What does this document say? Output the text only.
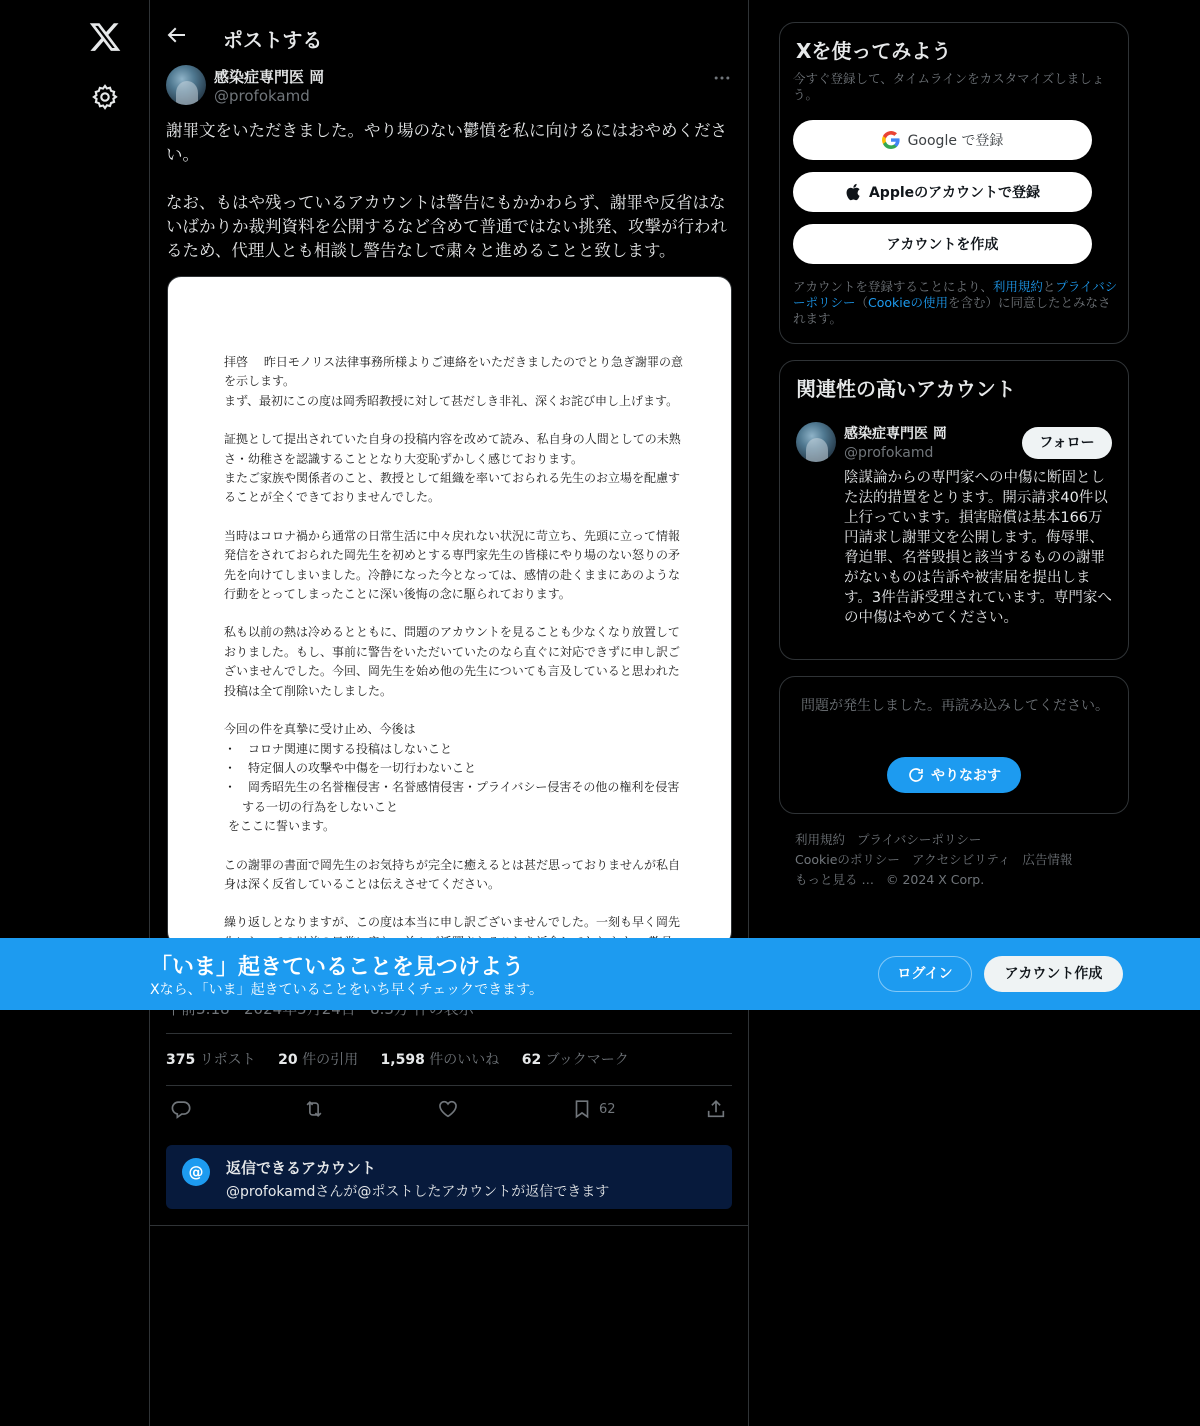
ポストする
感染症専門医 岡
@profokamd

謝罪文をいただきました。やり場のない鬱憤を私に向けるにはおやめください。

なお、もはや残っているアカウントは警告にもかかわらず、謝罪や反省はないばかりか裁判資料を公開するなど含めて普通ではない挑発、攻撃が行われるため、代理人とも相談し警告なしで粛々と進めることと致します。

拝啓　 昨日モノリス法律事務所様よりご連絡をいただきましたのでとり急ぎ謝罪の意を示します。
まず、最初にこの度は岡秀昭教授に対して甚だしき非礼、深くお詫び申し上げます。
証拠として提出されていた自身の投稿内容を改めて読み、私自身の人間としての未熟さ・幼稚さを認識することとなり大変恥ずかしく感じております。
またご家族や関係者のこと、教授として組織を率いておられる先生のお立場を配慮することが全くできておりませんでした。
当時はコロナ禍から通常の日常生活に中々戻れない状況に苛立ち、先頭に立って情報発信をされておられた岡先生を初めとする専門家先生の皆様にやり場のない怒りの矛先を向けてしまいました。冷静になった今となっては、感情の赴くままにあのような行動をとってしまったことに深い後悔の念に駆られております。
私も以前の熱は冷めるとともに、問題のアカウントを見ることも少なくなり放置しておりました。もし、事前に警告をいただいていたのなら直ぐに対応できずに申し訳ございませんでした。今回、岡先生を始め他の先生についても言及していると思われた投稿は全て削除いたしました。
今回の件を真摯に受け止め、今後は
・　コロナ関連に関する投稿はしないこと
・　特定個人の攻撃や中傷を一切行わないこと
・　岡秀昭先生の名誉権侵害・名誉感情侵害・プライバシー侵害その他の権利を侵害する一切の行為をしないこと
をここに誓います。
この謝罪の書面で岡先生のお気持ちが完全に癒えるとは甚だ思っておりませんが私自身は深く反省していることは伝えさせてください。
繰り返しとなりますが、この度は本当に申し訳ございませんでした。一刻も早く岡先　
375 リポスト 20 件の引用 1,598 件のいいね 62 ブックマーク
62
@	返信できるアカウント
@profokamdさんが@ポストしたアカウントが返信できます
Xを使ってみよう
今すぐ登録して、タイムラインをカスタマイズしましょう。
Google で登録
Appleのアカウントで登録
アカウントを作成
アカウントを登録することにより、利用規約とプライバシーポリシー（Cookieの使用を含む）に同意したとみなされます。
関連性の高いアカウント
感染症専門医 岡
@profokamd
フォロー
陰謀論からの専門家への中傷に断固とした法的措置をとります。開示請求40件以上行っています。損害賠償は基本166万円請求し謝罪文を公開します。侮辱罪、脅迫罪、名誉毀損と該当するものの謝罪がないものは告訴や被害届を提出します。3件告訴受理されています。専門家への中傷はやめてください。
問題が発生しました。再読み込みしてください。
やりなおす
利用規約 プライバシーポリシー
Cookieのポリシー アクセシビリティ 広告情報
もっと見る … © 2024 X Corp.
「いま」起きていることを見つけよう
Xなら、「いま」起きていることをいち早くチェックできます。
ログイン	アカウント作成
